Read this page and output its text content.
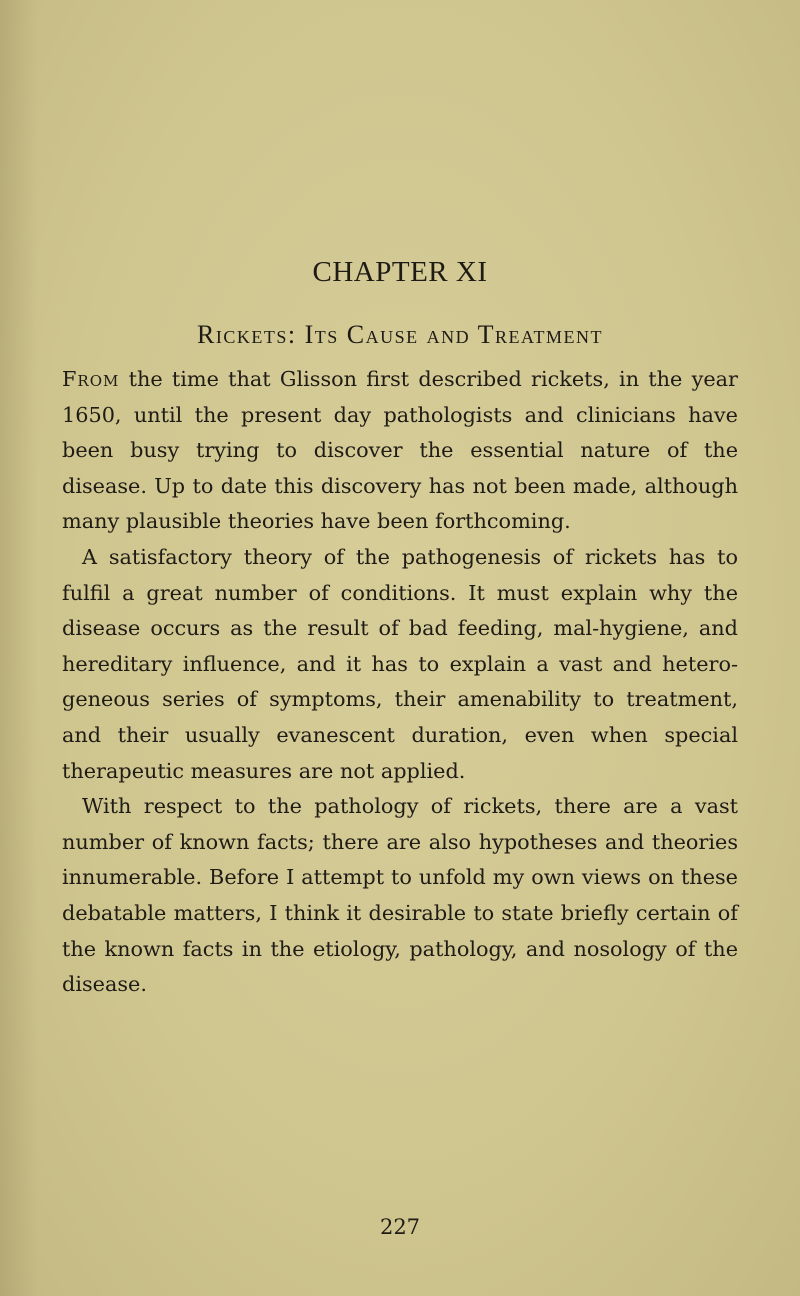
CHAPTER XI
Rickets: Its Cause and Treatment

From the time that Glisson first described rickets, in the year 1650, until the present day pathologists and clinicians have been busy trying to discover the essential nature of the disease. Up to date this discovery has not been made, although many plausible theories have been forthcoming.

A satisfactory theory of the pathogenesis of rickets has to fulfil a great number of conditions. It must explain why the disease occurs as the result of bad feeding, mal-hygiene, and hereditary influence, and it has to explain a vast and heterogeneous series of symptoms, their amenability to treatment, and their usually evanescent duration, even when special therapeutic measures are not applied.

With respect to the pathology of rickets, there are a vast number of known facts; there are also hypotheses and theories innumerable. Before I attempt to unfold my own views on these debatable matters, I think it desirable to state briefly certain of the known facts in the etiology, pathology, and nosology of the disease.

227
